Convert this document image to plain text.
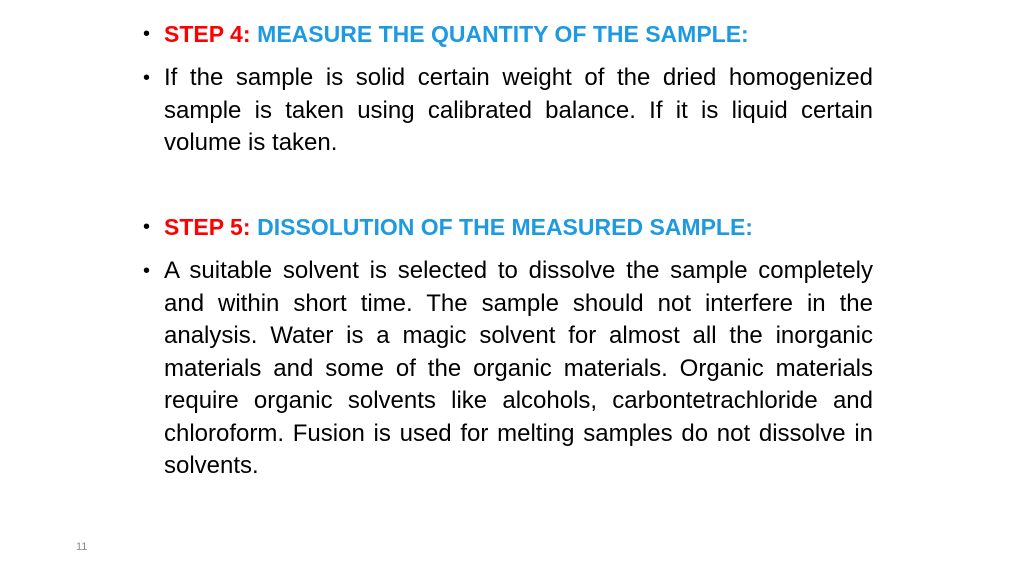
• STEP 4: MEASURE THE QUANTITY OF THE SAMPLE:
• If the sample is solid certain weight of the dried homogenized sample is taken using calibrated balance. If it is liquid certain volume is taken.
• STEP 5: DISSOLUTION OF THE MEASURED SAMPLE:
• A suitable solvent is selected to dissolve the sample completely and within short time. The sample should not interfere in the analysis. Water is a magic solvent for almost all the inorganic materials and some of the organic materials. Organic materials require organic solvents like alcohols, carbontetrachloride and chloroform. Fusion is used for melting samples do not dissolve in solvents.
11
